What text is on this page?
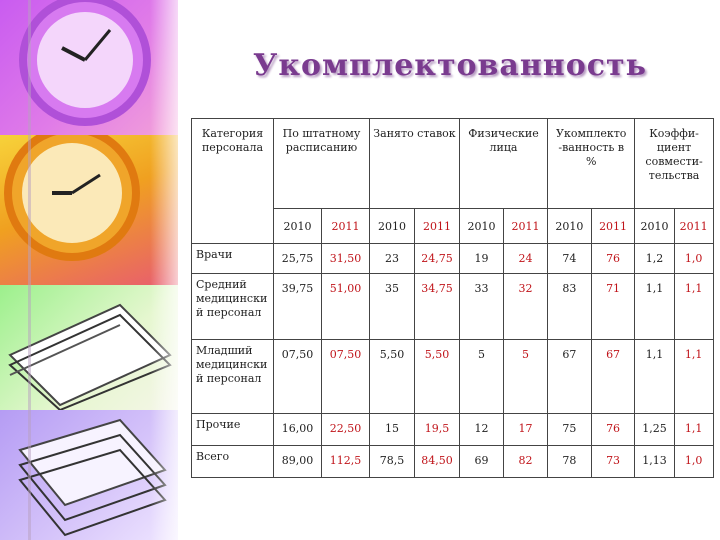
Укомплектованность
Категория персонала	По штатному расписанию		Занято ставок		Физические лица		Укомплекто -ванность в %		Коэффи- циент совмести- тельства	
	2010	2011	2010	2011	2010	2011	2010	2011	2010	2011
Врачи	25,75	31,50	23	24,75	19	24	74	76	1,2	1,0
Средний медицински й персонал	39,75	51,00	35	34,75	33	32	83	71	1,1	1,1
Младший медицински й персонал	07,50	07,50	5,50	5,50	5	5	67	67	1,1	1,1
Прочие	16,00	22,50	15	19,5	12	17	75	76	1,25	1,1
Всего	89,00	112,5	78,5	84,50	69	82	78	73	1,13	1,0
